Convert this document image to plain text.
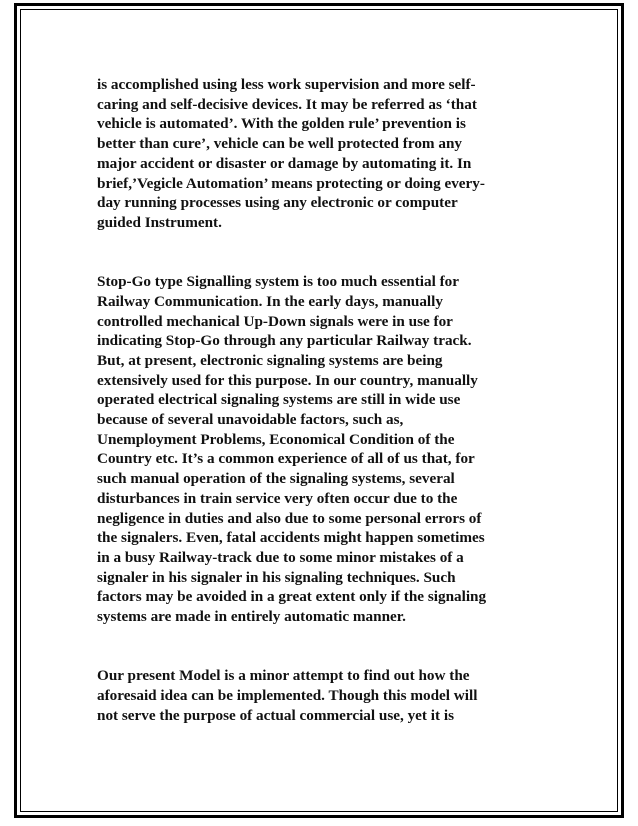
is accomplished using less work supervision and more self-
caring and self-decisive devices. It may be referred as ‘that
vehicle is automated’. With the golden rule’ prevention is
better than cure’, vehicle can be well protected from any
major accident or disaster or damage by automating it. In
brief,’Vegicle Automation’ means protecting or doing every-
day running processes using any electronic or computer
guided Instrument.
Stop-Go type Signalling system is too much essential for
Railway Communication. In the early days, manually
controlled mechanical Up-Down signals were in use for
indicating Stop-Go through any particular Railway track.
But, at present, electronic signaling systems are being
extensively used for this purpose. In our country, manually
operated electrical signaling systems are still in wide use
because of several unavoidable factors, such as,
Unemployment Problems, Economical Condition of the
Country etc. It’s a common experience of all of us that, for
such manual operation of the signaling systems, several
disturbances in train service very often occur due to the
negligence in duties and also due to some personal errors of
the signalers. Even, fatal accidents might happen sometimes
in a busy Railway-track due to some minor mistakes of a
signaler in his signaler in his signaling techniques. Such
factors may be avoided in a great extent only if the signaling
systems are made in entirely automatic manner.
Our present Model is a minor attempt to find out how the
aforesaid idea can be implemented. Though this model will
not serve the purpose of actual commercial use, yet it is
